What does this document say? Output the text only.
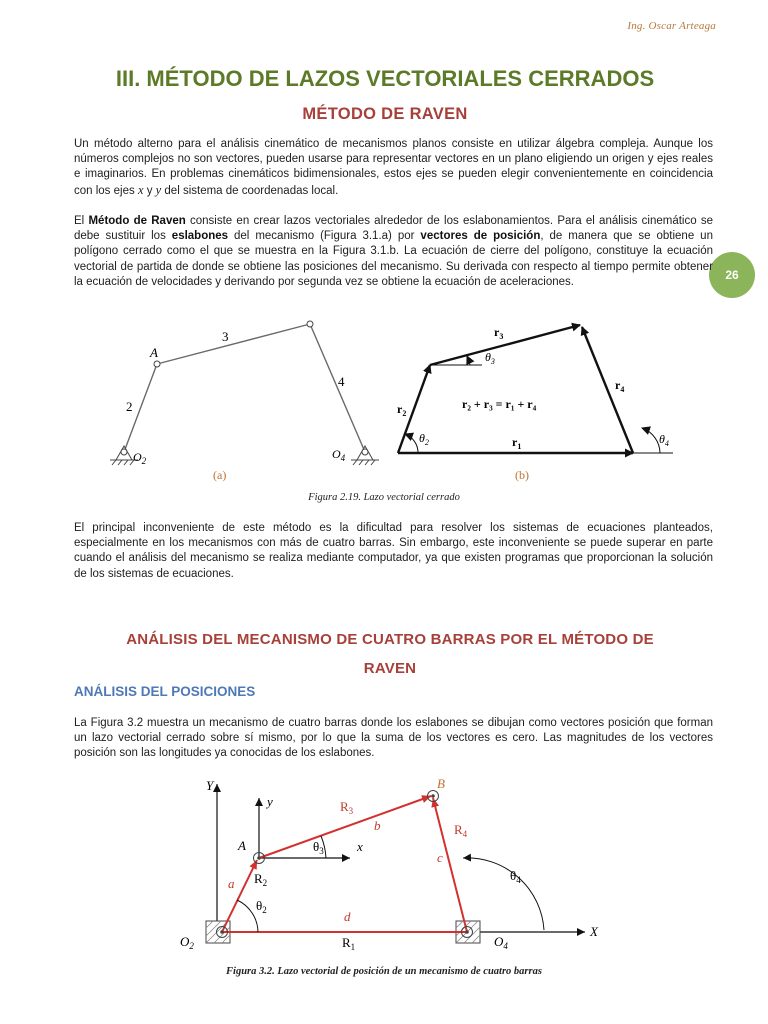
Ing. Oscar Arteaga
26
III. MÉTODO DE LAZOS VECTORIALES CERRADOS
MÉTODO DE RAVEN

Un método alterno para el análisis cinemático de mecanismos planos consiste en utilizar álgebra compleja. Aunque los números complejos no son vectores, pueden usarse para representar vectores en un plano eligiendo un origen y ejes reales e imaginarios. En problemas cinemáticos bidimensionales, estos ejes se pueden elegir convenientemente en coincidencia con los ejes x y y del sistema de coordenadas local.

El Método de Raven consiste en crear lazos vectoriales alrededor de los eslabonamientos. Para el análisis cinemático se debe sustituir los eslabones del mecanismo (Figura 3.1.a) por vectores de posición, de manera que se obtiene un polígono cerrado como el que se muestra en la Figura 3.1.b. La ecuación de cierre del polígono, constituye la ecuación vectorial de partida de donde se obtiene las posiciones del mecanismo. Su derivada con respecto al tiempo permite obtener la ecuación de velocidades y derivando por segunda vez se obtiene la ecuación de aceleraciones.

A
3
2
4
$O_2$	$O_4$
(a)
$r_3$
$\theta_3$
$r_2$
$\theta_2$
$r_4$
$\theta_4$
$r_1$
r₂ + r₃ = r₁ + r₄
(b)

Figura 2.19. Lazo vectorial cerrado

El principal inconveniente de este método es la dificultad para resolver los sistemas de ecuaciones planteados, especialmente en los mecanismos con más de cuatro barras. Sin embargo, este inconveniente se puede superar en parte cuando el análisis del mecanismo se realiza mediante computador, ya que existen programas que proporcionan la solución de los sistemas de ecuaciones.

ANÁLISIS DEL MECANISMO DE CUATRO BARRAS POR EL MÉTODO DE
RAVEN
ANÁLISIS DEL POSICIONES

La Figura 3.2 muestra un mecanismo de cuatro barras donde los eslabones se dibujan como vectores posición que forman un lazo vectorial cerrado sobre sí mismo, por lo que la suma de los vectores es cero. Las magnitudes de los vectores posición son las longitudes ya conocidas de los eslabones.

Y
X
y
x
A
B
$R_3$
b
$\theta_3$
$R_4$
c
$\theta_4$
a $R_2$
$\theta_2$	d
$R_1$
$O_2$	$O_4$

Figura 3.2. Lazo vectorial de posición de un mecanismo de cuatro barras
